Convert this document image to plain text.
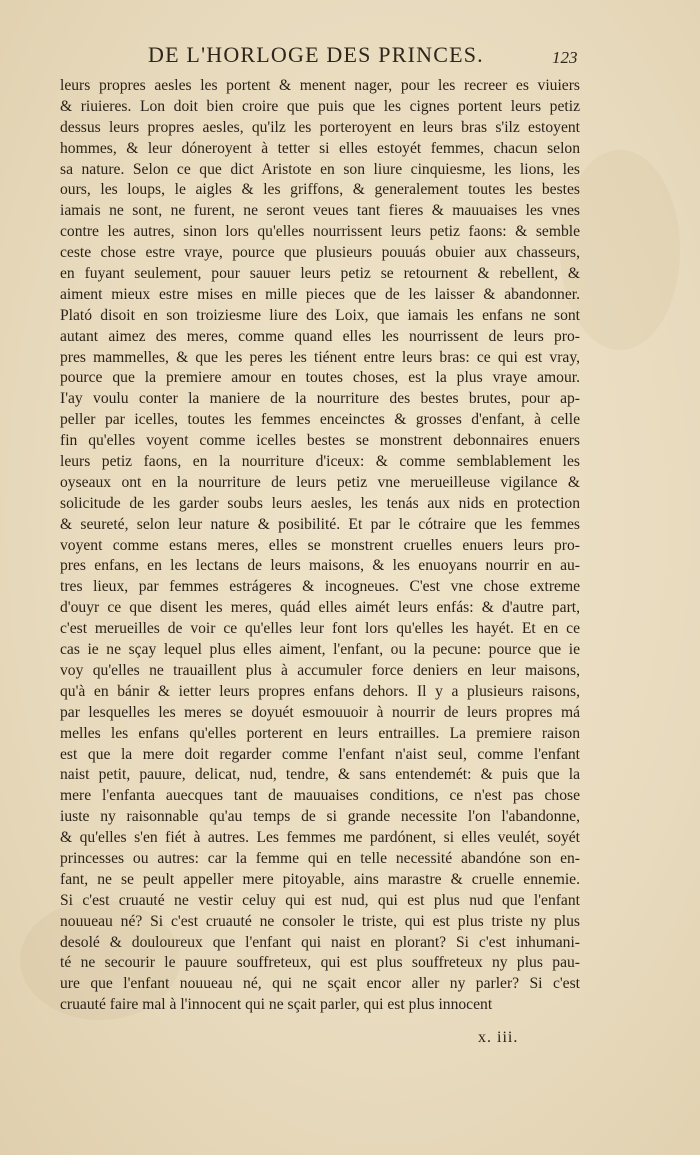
DE L'HORLOGE DES PRINCES.	123
leurs propres aesles les portent & menent nager, pour les recreer es viuiers
& riuieres. Lon doit bien croire que puis que les cignes portent leurs petiz
dessus leurs propres aesles, qu'ilz les porteroyent en leurs bras s'ilz estoyent
hommes, & leur dóneroyent à tetter si elles estoyét femmes, chacun selon
sa nature. Selon ce que dict Aristote en son liure cinquiesme, les lions, les
ours, les loups, le aigles & les griffons, & generalement toutes les bestes
iamais ne sont, ne furent, ne seront veues tant fieres & mauuaises les vnes
contre les autres, sinon lors qu'elles nourrissent leurs petiz faons: & semble
ceste chose estre vraye, pource que plusieurs pouuás obuier aux chasseurs,
en fuyant seulement, pour sauuer leurs petiz se retournent & rebellent, &
aiment mieux estre mises en mille pieces que de les laisser & abandonner.
Plató disoit en son troiziesme liure des Loix, que iamais les enfans ne sont
autant aimez des meres, comme quand elles les nourrissent de leurs pro-
pres mammelles, & que les peres les tiénent entre leurs bras: ce qui est vray,
pource que la premiere amour en toutes choses, est la plus vraye amour.
I'ay voulu conter la maniere de la nourriture des bestes brutes, pour ap-
peller par icelles, toutes les femmes enceinctes & grosses d'enfant, à celle
fin qu'elles voyent comme icelles bestes se monstrent debonnaires enuers
leurs petiz faons, en la nourriture d'iceux: & comme semblablement les
oyseaux ont en la nourriture de leurs petiz vne merueilleuse vigilance &
solicitude de les garder soubs leurs aesles, les tenás aux nids en protection
& seureté, selon leur nature & posibilité. Et par le cótraire que les femmes
voyent comme estans meres, elles se monstrent cruelles enuers leurs pro-
pres enfans, en les lectans de leurs maisons, & les enuoyans nourrir en au-
tres lieux, par femmes estrágeres & incogneues. C'est vne chose extreme
d'ouyr ce que disent les meres, quád elles aimét leurs enfás: & d'autre part,
c'est merueilles de voir ce qu'elles leur font lors qu'elles les hayét. Et en ce
cas ie ne sçay lequel plus elles aiment, l'enfant, ou la pecune: pource que ie
voy qu'elles ne trauaillent plus à accumuler force deniers en leur maisons,
qu'à en bánir & ietter leurs propres enfans dehors. Il y a plusieurs raisons,
par lesquelles les meres se doyuét esmouuoir à nourrir de leurs propres má
melles les enfans qu'elles porterent en leurs entrailles. La premiere raison
est que la mere doit regarder comme l'enfant n'aist seul, comme l'enfant
naist petit, pauure, delicat, nud, tendre, & sans entendemét: & puis que la
mere l'enfanta auecques tant de mauuaises conditions, ce n'est pas chose
iuste ny raisonnable qu'au temps de si grande necessite l'on l'abandonne,
& qu'elles s'en fiét à autres. Les femmes me pardónent, si elles veulét, soyét
princesses ou autres: car la femme qui en telle necessité abandóne son en-
fant, ne se peult appeller mere pitoyable, ains marastre & cruelle ennemie.
Si c'est cruauté ne vestir celuy qui est nud, qui est plus nud que l'enfant
nouueau né? Si c'est cruauté ne consoler le triste, qui est plus triste ny plus
desolé & douloureux que l'enfant qui naist en plorant? Si c'est inhumani-
té ne secourir le pauure souffreteux, qui est plus souffreteux ny plus pau-
ure que l'enfant nouueau né, qui ne sçait encor aller ny parler? Si c'est
cruauté faire mal à l'innocent qui ne sçait parler, qui est plus innocent
x. iii.
